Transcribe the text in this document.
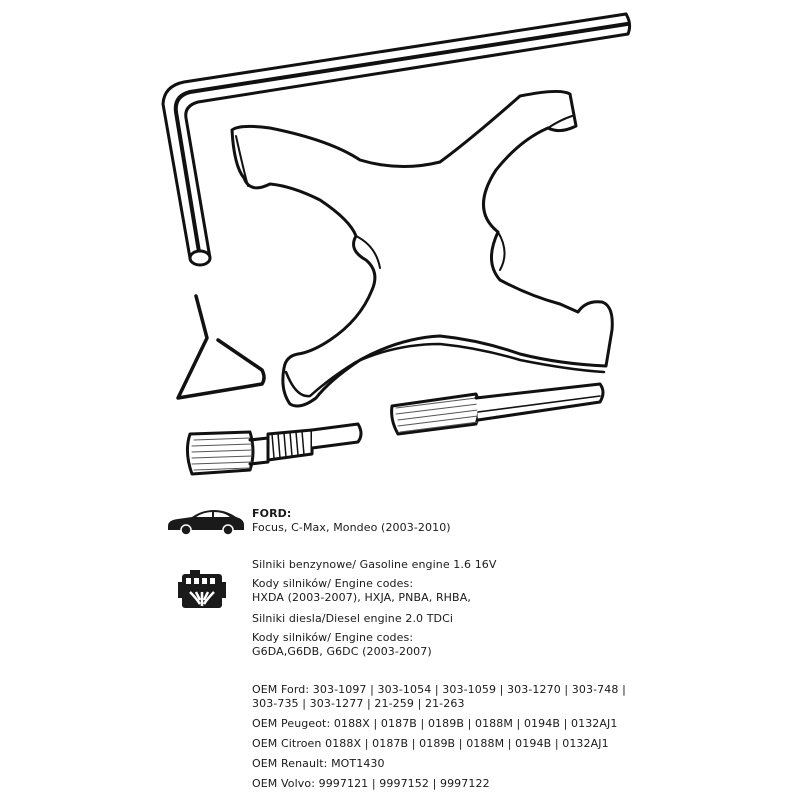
FORD:
Focus, C-Max, Mondeo (2003-2010)
Silniki benzynowe/ Gasoline engine 1.6 16V
Kody silników/ Engine codes:
HXDA (2003-2007), HXJA, PNBA, RHBA,
Silniki diesla/Diesel engine 2.0 TDCi
Kody silników/ Engine codes:
G6DA,G6DB, G6DC (2003-2007)
OEM Ford: 303-1097 | 303-1054 | 303-1059 | 303-1270 | 303-748 |
303-735 | 303-1277 | 21-259 | 21-263
OEM Peugeot: 0188X | 0187B | 0189B | 0188M | 0194B | 0132AJ1
OEM Citroen 0188X | 0187B | 0189B | 0188M | 0194B | 0132AJ1
OEM Renault: MOT1430
OEM Volvo: 9997121 | 9997152 | 9997122
